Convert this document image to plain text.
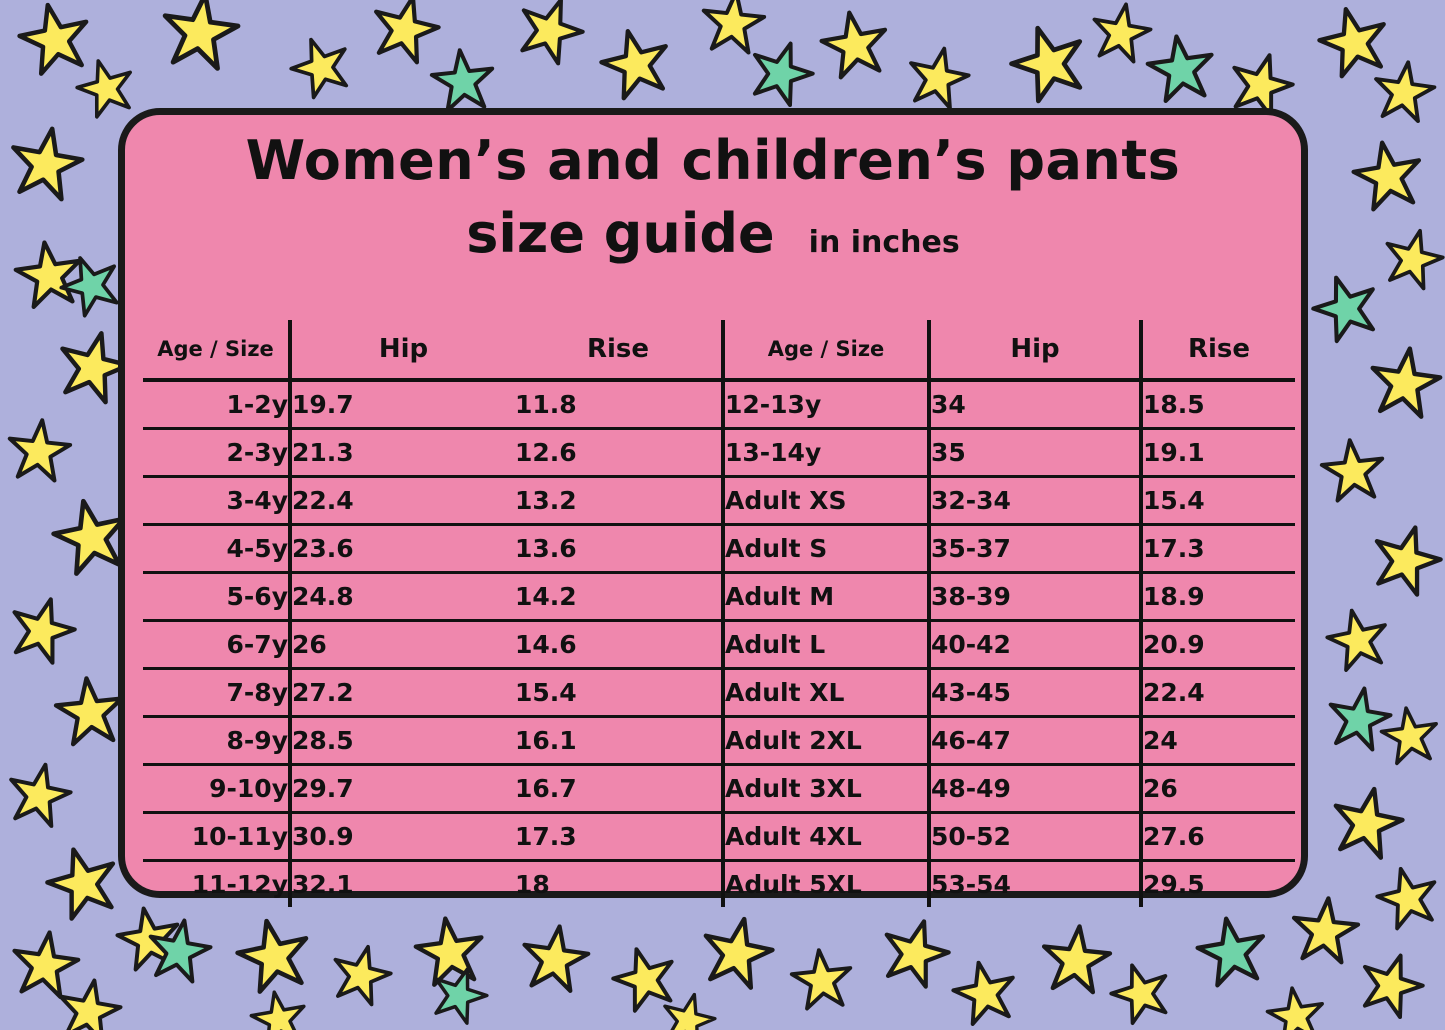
Women’s and children’s pants
size guide in inches
Age / Size	Hip	Rise	Age / Size	Hip	Rise
1-2y	19.7	11.8	12-13y	34	18.5
2-3y	21.3	12.6	13-14y	35	19.1
3-4y	22.4	13.2	Adult XS	32-34	15.4
4-5y	23.6	13.6	Adult S	35-37	17.3
5-6y	24.8	14.2	Adult M	38-39	18.9
6-7y	26	14.6	Adult L	40-42	20.9
7-8y	27.2	15.4	Adult XL	43-45	22.4
8-9y	28.5	16.1	Adult 2XL	46-47	24
9-10y	29.7	16.7	Adult 3XL	48-49	26
10-11y	30.9	17.3	Adult 4XL	50-52	27.6
11-12y	32.1	18	Adult 5XL	53-54	29.5
